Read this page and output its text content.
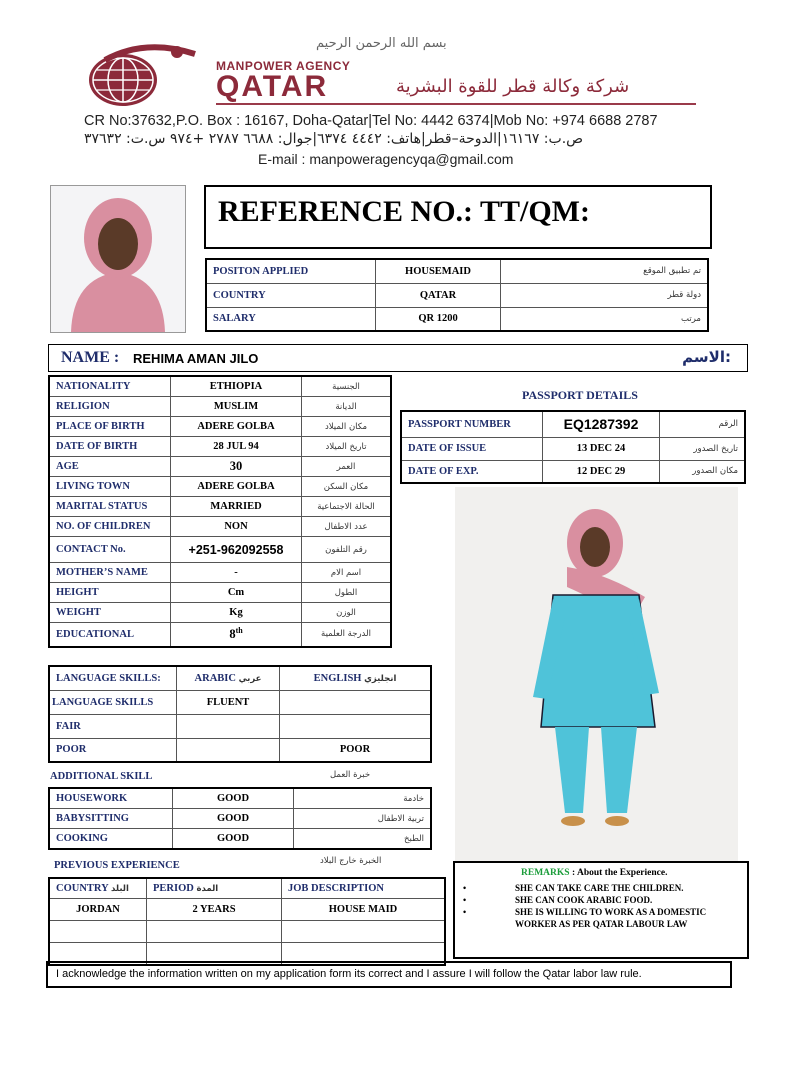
بسم الله الرحمن الرحيم
MANPOWER AGENCY
QATAR	شركة وكالة قطر للقوة البشرية
CR No:37632,P.O. Box : 16167, Doha-Qatar|Tel No: 4442 6374|Mob No: +974 6688 2787
ص.ب: ١٦١٦٧|الدوحة–قطر|هاتف: ٤٤٤٢ ٦٣٧٤|جوال: ٦٦٨٨ ٢٧٨٧ +٩٧٤ س.ت: ٣٧٦٣٢
E-mail : manpoweragencyqa@gmail.com
REFERENCE NO.: TT/QM:
POSITON APPLIED	HOUSEMAID	تم تطبيق الموقع
COUNTRY	QATAR	دولة قطر
SALARY	QR 1200	مرتب
NAME : REHIMA AMAN JILO	الاسم:
NATIONALITY	ETHIOPIA	الجنسية
RELIGION	MUSLIM	الديانة
PLACE OF BIRTH	ADERE GOLBA	مكان الميلاد
DATE OF BIRTH	28 JUL 94	تاريخ الميلاد
AGE	30	العمر
LIVING TOWN	ADERE GOLBA	مكان السكن
MARITAL STATUS	MARRIED	الحالة الاجتماعية
NO. OF CHILDREN	NON	عدد الاطفال
CONTACT No.	+251-962092558	رقم التلفون
MOTHER’S NAME	-	اسم الام
HEIGHT	Cm	الطول
WEIGHT	Kg	الوزن
EDUCATIONAL	8th	الدرجة العلمية
PASSPORT DETAILS
PASSPORT NUMBER	EQ1287392	الرقم
DATE OF ISSUE	13 DEC 24	تاريخ الصدور
DATE OF EXP.	12 DEC 29	مكان الصدور
LANGUAGE SKILLS:	ARABIC عربي	ENGLISH انجليزي
LANGUAGE SKILLS	FLUENT	
FAIR		
POOR		POOR
ADDITIONAL SKILL	خبرة العمل
HOUSEWORK	GOOD	خادمة
BABYSITTING	GOOD	تربية الاطفال
COOKING	GOOD	الطبخ
PREVIOUS EXPERIENCE	الخبرة خارج البلاد
COUNTRY البلد	PERIOD المدة	JOB DESCRIPTION
JORDAN	2 YEARS	HOUSE MAID

REMARKS : About the Experience.
•	SHE CAN TAKE CARE THE CHILDREN.
•	SHE CAN COOK ARABIC FOOD.
•	SHE IS WILLING TO WORK AS A DOMESTIC WORKER AS PER QATAR LABOUR LAW
I acknowledge the information written on my application form its correct and I assure I will follow the Qatar labor law rule.
